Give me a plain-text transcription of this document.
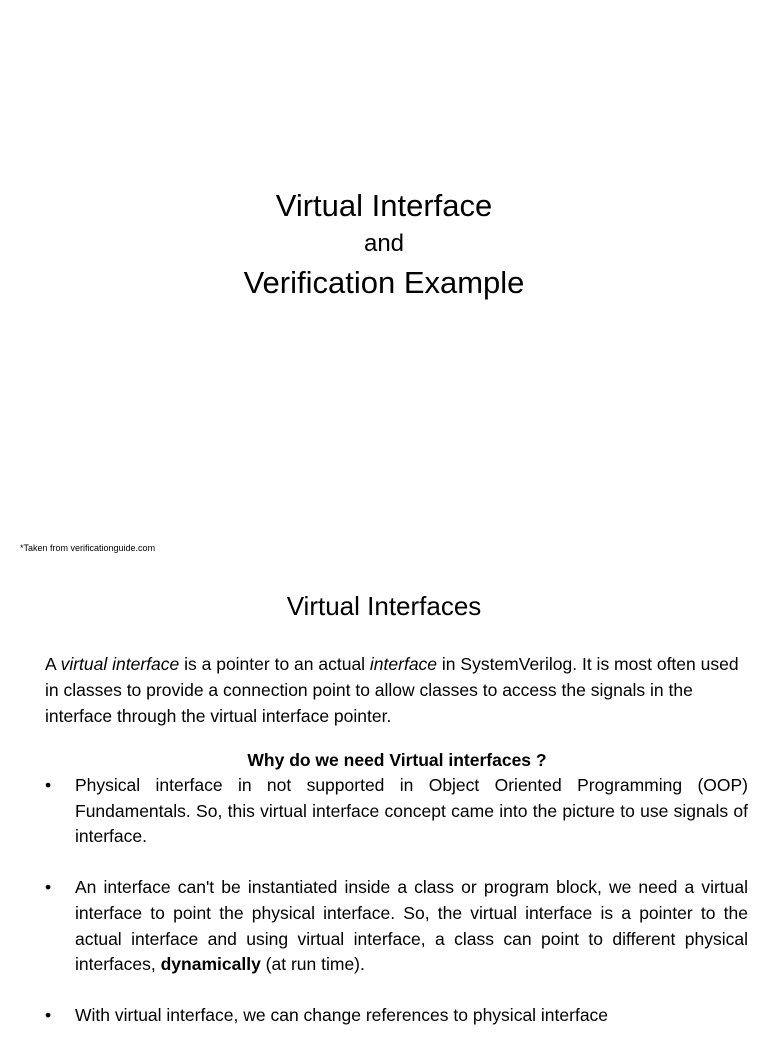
Virtual Interface
and
Verification Example
*Taken from verificationguide.com
Virtual Interfaces
A virtual interface is a pointer to an actual interface in SystemVerilog. It is most often used in classes to provide a connection point to allow classes to access the signals in the interface through the virtual interface pointer.
Why do we need Virtual interfaces ?
• Physical interface in not supported in Object Oriented Programming (OOP) Fundamentals. So, this virtual interface concept came into the picture to use signals of interface.
• An interface can't be instantiated inside a class or program block, we need a virtual interface to point the physical interface. So, the virtual interface is a pointer to the actual interface and using virtual interface, a class can point to different physical interfaces, dynamically (at run time).
• With virtual interface, we can change references to physical interface
